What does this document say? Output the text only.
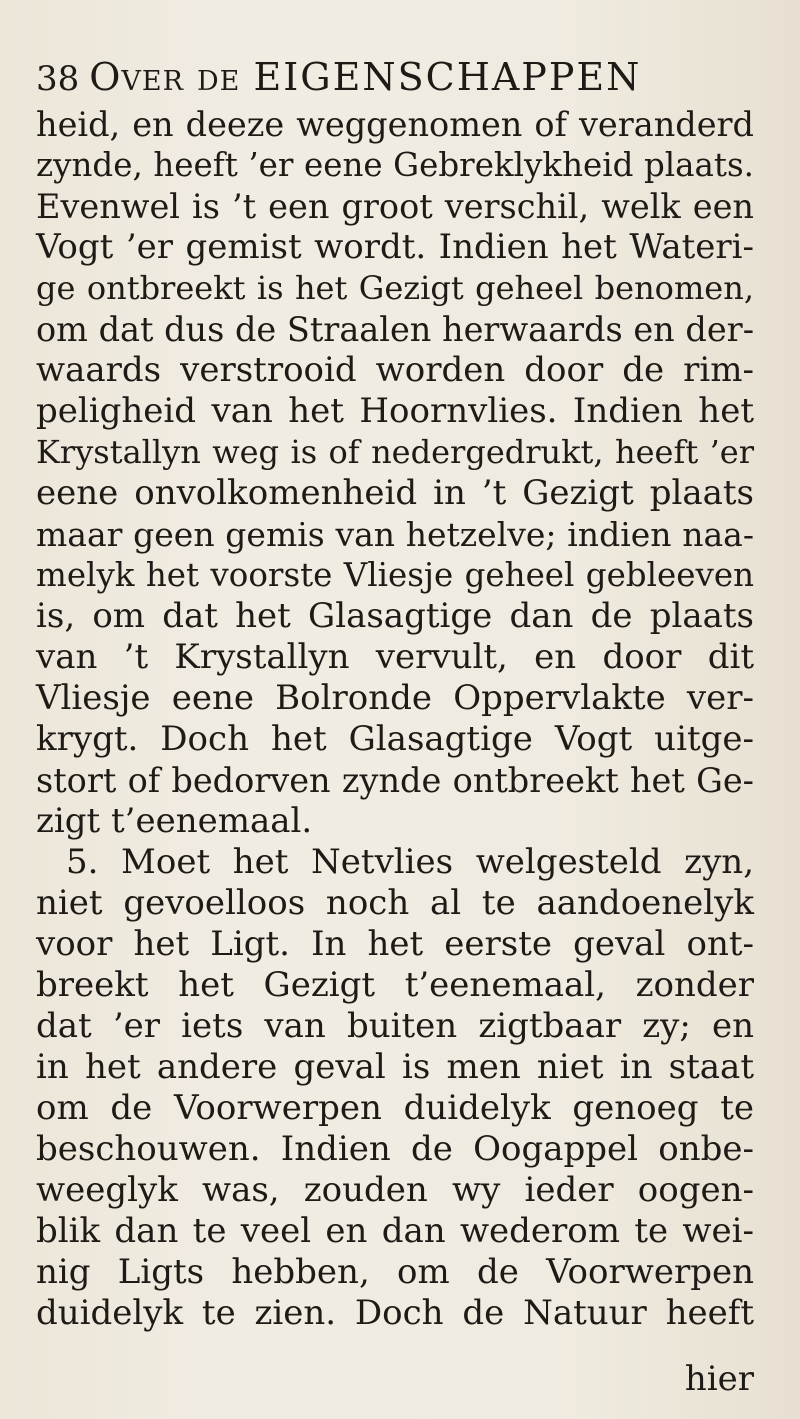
38 Over de EIGENSCHAPPEN
heid, en deeze weggenomen of veranderd
zynde, heeft ’er eene Gebreklykheid plaats.
Evenwel is ’t een groot verschil, welk een
Vogt ’er gemist wordt. Indien het Wateri-
ge ontbreekt is het Gezigt geheel benomen,
om dat dus de Straalen herwaards en der-
waards verstrooid worden door de rim-
peligheid van het Hoornvlies. Indien het
Krystallyn weg is of nedergedrukt, heeft ’er
eene onvolkomenheid in ’t Gezigt plaats
maar geen gemis van hetzelve; indien naa-
melyk het voorste Vliesje geheel gebleeven
is, om dat het Glasagtige dan de plaats
van ’t Krystallyn vervult, en door dit
Vliesje eene Bolronde Oppervlakte ver-
krygt. Doch het Glasagtige Vogt uitge-
stort of bedorven zynde ontbreekt het Ge-
zigt t’eenemaal.
5. Moet het Netvlies welgesteld zyn,
niet gevoelloos noch al te aandoenelyk
voor het Ligt. In het eerste geval ont-
breekt het Gezigt t’eenemaal, zonder
dat ’er iets van buiten zigtbaar zy; en
in het andere geval is men niet in staat
om de Voorwerpen duidelyk genoeg te
beschouwen. Indien de Oogappel onbe-
weeglyk was, zouden wy ieder oogen-
blik dan te veel en dan wederom te wei-
nig Ligts hebben, om de Voorwerpen
duidelyk te zien. Doch de Natuur heeft
hier
